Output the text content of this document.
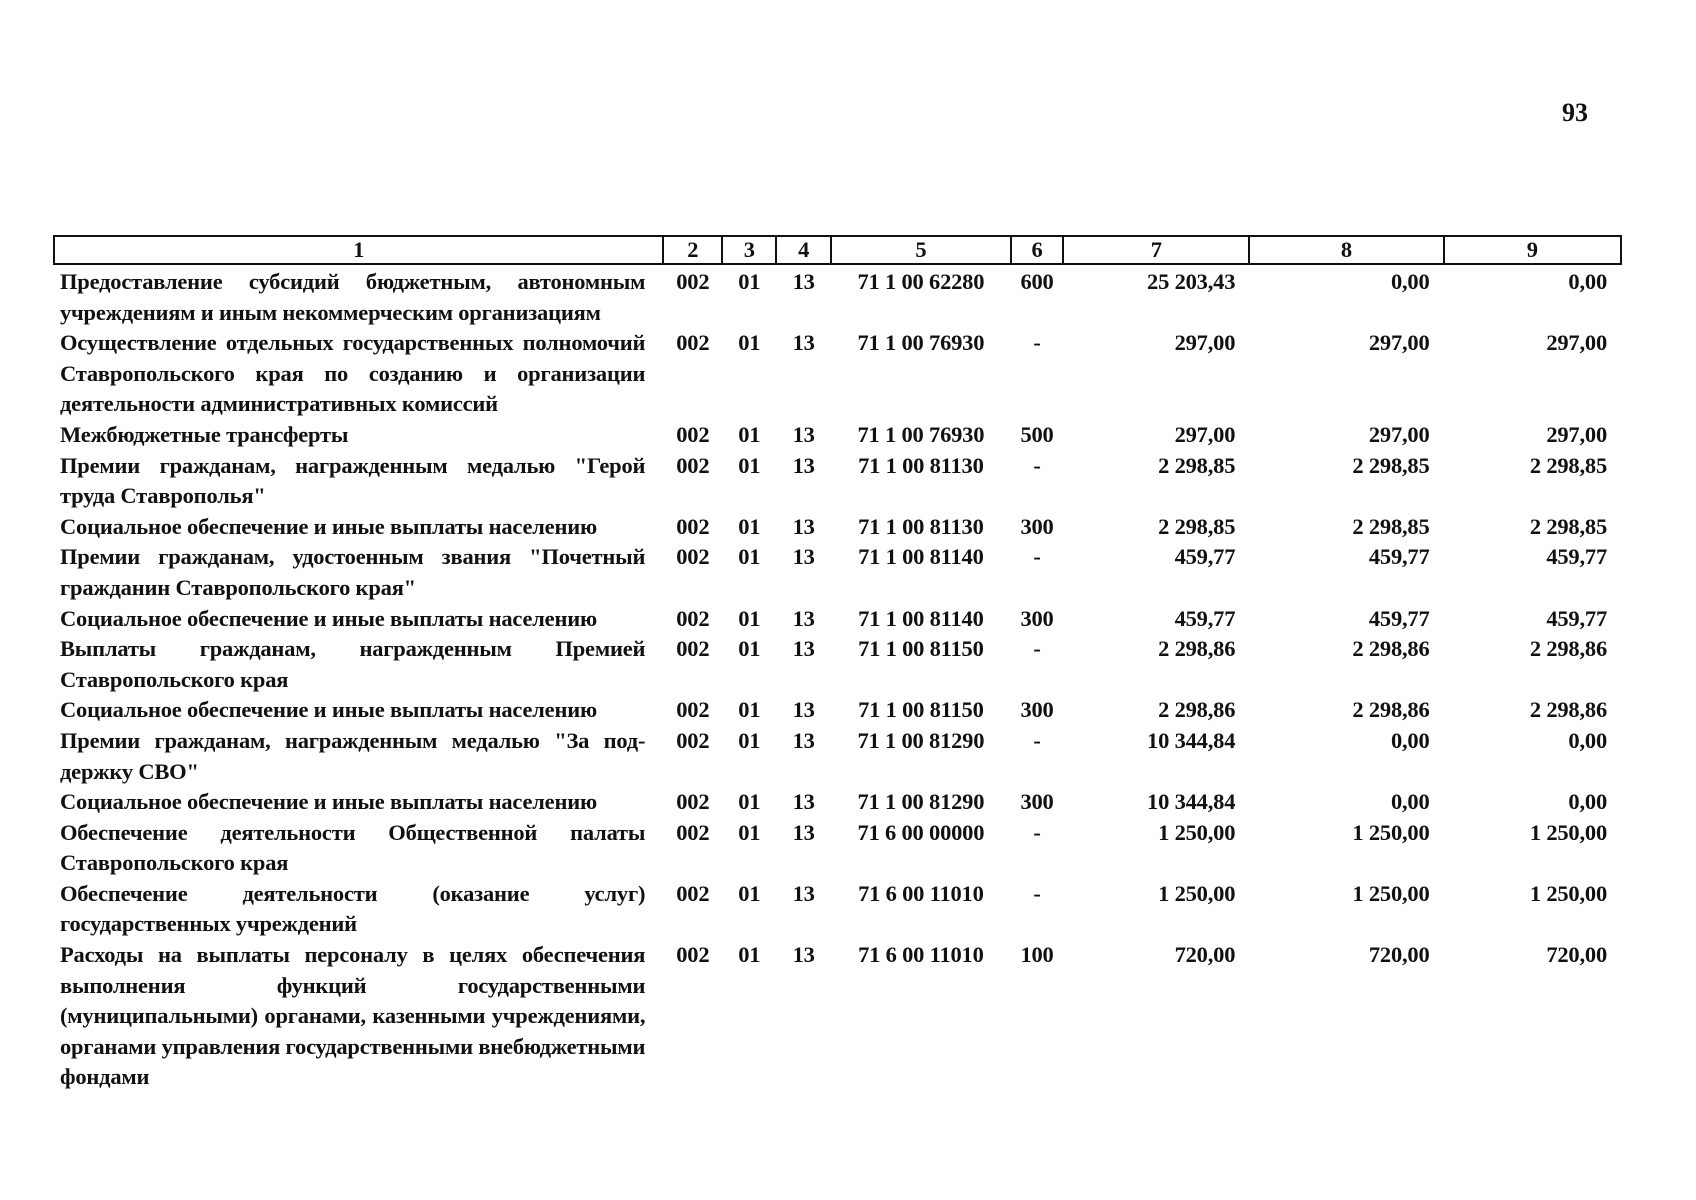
93
1	2	3	4	5	6	7	8	9
Предоставление субсидий бюджетным, автономным учреждениям и иным некоммерческим организациям	002	01	13	71 1 00 62280	600	25 203,43	0,00	0,00
Осуществление отдельных государственных полномочий Ставропольского края по созданию и организации деятельности административных комиссий	002	01	13	71 1 00 76930	-	297,00	297,00	297,00
Межбюджетные трансферты	002	01	13	71 1 00 76930	500	297,00	297,00	297,00
Премии гражданам, награжденным медалью "Герой труда Ставрополья"	002	01	13	71 1 00 81130	-	2 298,85	2 298,85	2 298,85
Социальное обеспечение и иные выплаты населению	002	01	13	71 1 00 81130	300	2 298,85	2 298,85	2 298,85
Премии гражданам, удостоенным звания "Почетный гражданин Ставропольского края"	002	01	13	71 1 00 81140	-	459,77	459,77	459,77
Социальное обеспечение и иные выплаты населению	002	01	13	71 1 00 81140	300	459,77	459,77	459,77
Выплаты гражданам, награжденным Премией Ставропольского края	002	01	13	71 1 00 81150	-	2 298,86	2 298,86	2 298,86
Социальное обеспечение и иные выплаты населению	002	01	13	71 1 00 81150	300	2 298,86	2 298,86	2 298,86
Премии гражданам, награжденным медалью "За под-держку СВО"	002	01	13	71 1 00 81290	-	10 344,84	0,00	0,00
Социальное обеспечение и иные выплаты населению	002	01	13	71 1 00 81290	300	10 344,84	0,00	0,00
Обеспечение деятельности Общественной палаты Ставропольского края	002	01	13	71 6 00 00000	-	1 250,00	1 250,00	1 250,00
Обеспечение деятельности (оказание услуг) государственных учреждений	002	01	13	71 6 00 11010	-	1 250,00	1 250,00	1 250,00
Расходы на выплаты персоналу в целях обеспечения выполнения функций государственными (муниципальными) органами, казенными учреждениями, органами управления государственными внебюджетными фондами	002	01	13	71 6 00 11010	100	720,00	720,00	720,00
